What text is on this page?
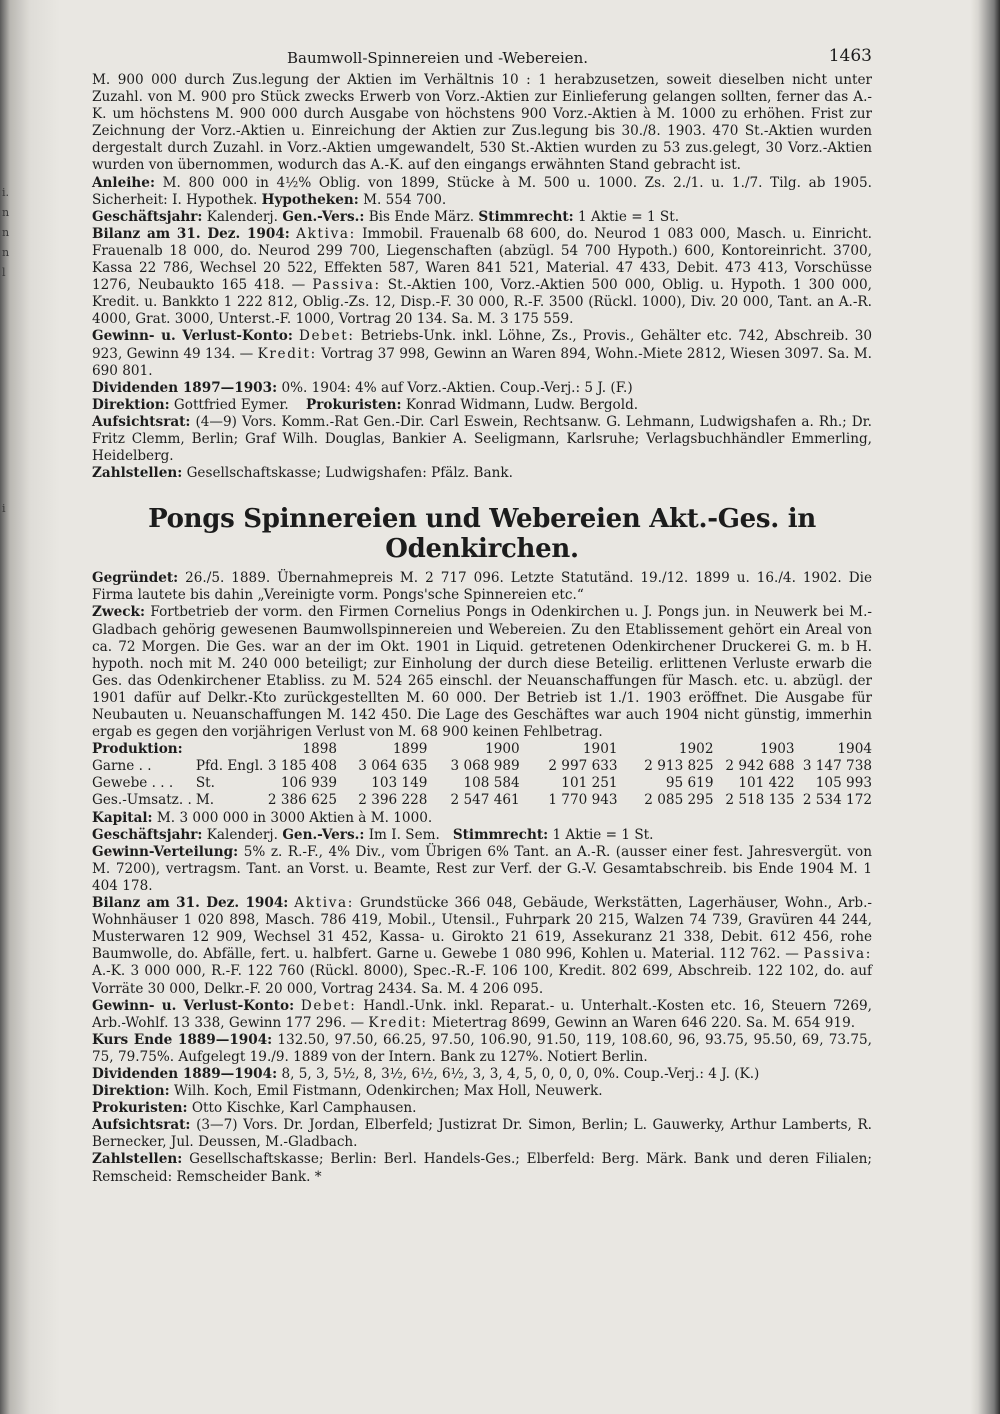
i.
n
n
n
l
i
Baumwoll-Spinnereien und -Webereien.	1463

M. 900 000 durch Zus.legung der Aktien im Verhältnis 10 : 1 herabzusetzen, soweit dieselben nicht unter Zuzahl. von M. 900 pro Stück zwecks Erwerb von Vorz.-Aktien zur Einlieferung gelangen sollten, ferner das A.-K. um höchstens M. 900 000 durch Ausgabe von höchstens 900 Vorz.-Aktien à M. 1000 zu erhöhen. Frist zur Zeichnung der Vorz.-Aktien u. Einreichung der Aktien zur Zus.legung bis 30./8. 1903. 470 St.-Aktien wurden dergestalt durch Zuzahl. in Vorz.-Aktien umgewandelt, 530 St.-Aktien wurden zu 53 zus.gelegt, 30 Vorz.-Aktien wurden von übernommen, wodurch das A.-K. auf den eingangs erwähnten Stand gebracht ist.

Anleihe: M. 800 000 in 4½% Oblig. von 1899, Stücke à M. 500 u. 1000. Zs. 2./1. u. 1./7. Tilg. ab 1905. Sicherheit: I. Hypothek. Hypotheken: M. 554 700.

Geschäftsjahr: Kalenderj. Gen.-Vers.: Bis Ende März. Stimmrecht: 1 Aktie = 1 St.

Bilanz am 31. Dez. 1904: Aktiva: Immobil. Frauenalb 68 600, do. Neurod 1 083 000, Masch. u. Einricht. Frauenalb 18 000, do. Neurod 299 700, Liegenschaften (abzügl. 54 700 Hypoth.) 600, Kontoreinricht. 3700, Kassa 22 786, Wechsel 20 522, Effekten 587, Waren 841 521, Material. 47 433, Debit. 473 413, Vorschüsse 1276, Neubaukto 165 418. — Passiva: St.-Aktien 100, Vorz.-Aktien 500 000, Oblig. u. Hypoth. 1 300 000, Kredit. u. Bankkto 1 222 812, Oblig.-Zs. 12, Disp.-F. 30 000, R.-F. 3500 (Rückl. 1000), Div. 20 000, Tant. an A.-R. 4000, Grat. 3000, Unterst.-F. 1000, Vortrag 20 134. Sa. M. 3 175 559.

Gewinn- u. Verlust-Konto: Debet: Betriebs-Unk. inkl. Löhne, Zs., Provis., Gehälter etc. 742, Abschreib. 30 923, Gewinn 49 134. — Kredit: Vortrag 37 998, Gewinn an Waren 894, Wohn.-Miete 2812, Wiesen 3097. Sa. M. 690 801.

Dividenden 1897—1903: 0%. 1904: 4% auf Vorz.-Aktien. Coup.-Verj.: 5 J. (F.)

Direktion: Gottfried Eymer. Prokuristen: Konrad Widmann, Ludw. Bergold.

Aufsichtsrat: (4—9) Vors. Komm.-Rat Gen.-Dir. Carl Eswein, Rechtsanw. G. Lehmann, Ludwigshafen a. Rh.; Dr. Fritz Clemm, Berlin; Graf Wilh. Douglas, Bankier A. Seeligmann, Karlsruhe; Verlagsbuchhändler Emmerling, Heidelberg.

Zahlstellen: Gesellschaftskasse; Ludwigshafen: Pfälz. Bank.

Pongs Spinnereien und Webereien Akt.-Ges. in Odenkirchen.

Gegründet: 26./5. 1889. Übernahmepreis M. 2 717 096. Letzte Statutänd. 19./12. 1899 u. 16./4. 1902. Die Firma lautete bis dahin „Vereinigte vorm. Pongs'sche Spinnereien etc.“

Zweck: Fortbetrieb der vorm. den Firmen Cornelius Pongs in Odenkirchen u. J. Pongs jun. in Neuwerk bei M.-Gladbach gehörig gewesenen Baumwollspinnereien und Webereien. Zu den Etablissement gehört ein Areal von ca. 72 Morgen. Die Ges. war an der im Okt. 1901 in Liquid. getretenen Odenkirchener Druckerei G. m. b H. hypoth. noch mit M. 240 000 beteiligt; zur Einholung der durch diese Beteilig. erlittenen Verluste erwarb die Ges. das Odenkirchener Etabliss. zu M. 524 265 einschl. der Neuanschaffungen für Masch. etc. u. abzügl. der 1901 dafür auf Delkr.-Kto zurückgestellten M. 60 000. Der Betrieb ist 1./1. 1903 eröffnet. Die Ausgabe für Neubauten u. Neuanschaffungen M. 142 450. Die Lage des Geschäftes war auch 1904 nicht günstig, immerhin ergab es gegen den vorjährigen Verlust von M. 68 900 keinen Fehlbetrag.

Produktion:		1898	1899	1900	1901	1902	1903	1904
Garne . .	Pfd. Engl.	3 185 408	3 064 635	3 068 989	2 997 633	2 913 825	2 942 688	3 147 738
Gewebe . . .	St.	106 939	103 149	108 584	101 251	95 619	101 422	105 993
Ges.-Umsatz. .	M.	2 386 625	2 396 228	2 547 461	1 770 943	2 085 295	2 518 135	2 534 172

Kapital: M. 3 000 000 in 3000 Aktien à M. 1000.

Geschäftsjahr: Kalenderj. Gen.-Vers.: Im I. Sem. Stimmrecht: 1 Aktie = 1 St.

Gewinn-Verteilung: 5% z. R.-F., 4% Div., vom Übrigen 6% Tant. an A.-R. (ausser einer fest. Jahresvergüt. von M. 7200), vertragsm. Tant. an Vorst. u. Beamte, Rest zur Verf. der G.-V. Gesamtabschreib. bis Ende 1904 M. 1 404 178.

Bilanz am 31. Dez. 1904: Aktiva: Grundstücke 366 048, Gebäude, Werkstätten, Lagerhäuser, Wohn., Arb.-Wohnhäuser 1 020 898, Masch. 786 419, Mobil., Utensil., Fuhrpark 20 215, Walzen 74 739, Gravüren 44 244, Musterwaren 12 909, Wechsel 31 452, Kassa- u. Girokto 21 619, Assekuranz 21 338, Debit. 612 456, rohe Baumwolle, do. Abfälle, fert. u. halbfert. Garne u. Gewebe 1 080 996, Kohlen u. Material. 112 762. — Passiva: A.-K. 3 000 000, R.-F. 122 760 (Rückl. 8000), Spec.-R.-F. 106 100, Kredit. 802 699, Abschreib. 122 102, do. auf Vorräte 30 000, Delkr.-F. 20 000, Vortrag 2434. Sa. M. 4 206 095.

Gewinn- u. Verlust-Konto: Debet: Handl.-Unk. inkl. Reparat.- u. Unterhalt.-Kosten etc. 16, Steuern 7269, Arb.-Wohlf. 13 338, Gewinn 177 296. — Kredit: Mietertrag 8699, Gewinn an Waren 646 220. Sa. M. 654 919.

Kurs Ende 1889—1904: 132.50, 97.50, 66.25, 97.50, 106.90, 91.50, 119, 108.60, 96, 93.75, 95.50, 69, 73.75, 75, 79.75%. Aufgelegt 19./9. 1889 von der Intern. Bank zu 127%. Notiert Berlin.

Dividenden 1889—1904: 8, 5, 3, 5½, 8, 3½, 6½, 6½, 3, 3, 4, 5, 0, 0, 0, 0%. Coup.-Verj.: 4 J. (K.)

Direktion: Wilh. Koch, Emil Fistmann, Odenkirchen; Max Holl, Neuwerk.

Prokuristen: Otto Kischke, Karl Camphausen.

Aufsichtsrat: (3—7) Vors. Dr. Jordan, Elberfeld; Justizrat Dr. Simon, Berlin; L. Gauwerky, Arthur Lamberts, R. Bernecker, Jul. Deussen, M.-Gladbach.

Zahlstellen: Gesellschaftskasse; Berlin: Berl. Handels-Ges.; Elberfeld: Berg. Märk. Bank und deren Filialen; Remscheid: Remscheider Bank. *
